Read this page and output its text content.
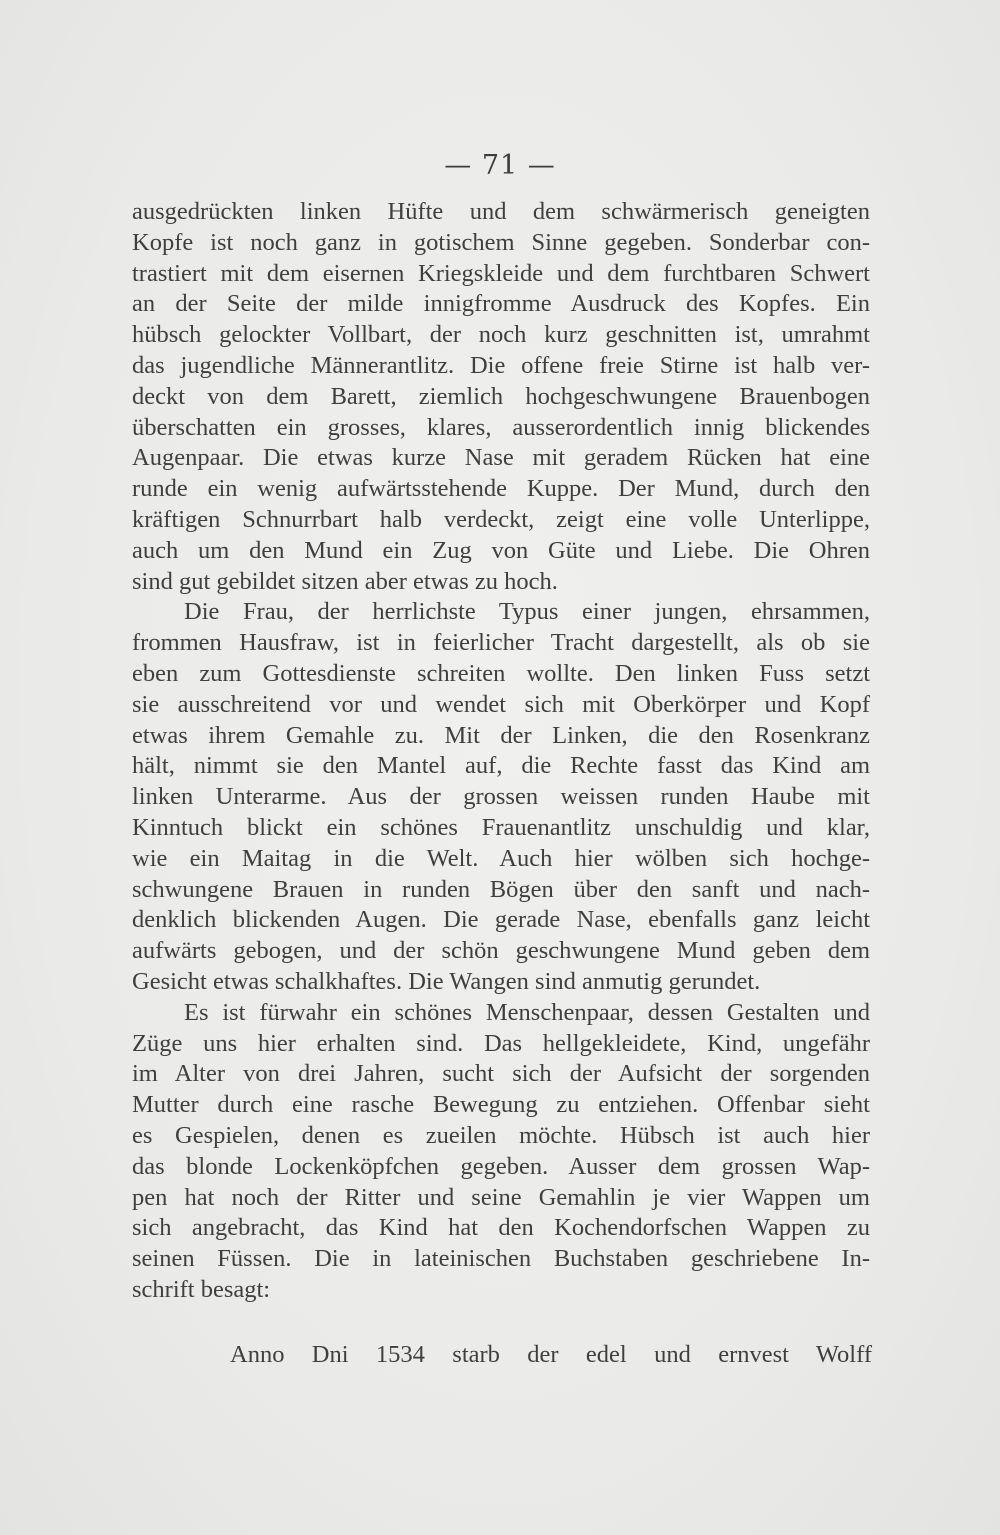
— 71 —
ausgedrückten linken Hüfte und dem schwärmerisch geneigten
Kopfe ist noch ganz in gotischem Sinne gegeben. Sonderbar con-
trastiert mit dem eisernen Kriegskleide und dem furchtbaren Schwert
an der Seite der milde innigfromme Ausdruck des Kopfes. Ein
hübsch gelockter Vollbart, der noch kurz geschnitten ist, umrahmt
das jugendliche Männerantlitz. Die offene freie Stirne ist halb ver-
deckt von dem Barett, ziemlich hochgeschwungene Brauenbogen
überschatten ein grosses, klares, ausserordentlich innig blickendes
Augenpaar. Die etwas kurze Nase mit geradem Rücken hat eine
runde ein wenig aufwärtsstehende Kuppe. Der Mund, durch den
kräftigen Schnurrbart halb verdeckt, zeigt eine volle Unterlippe,
auch um den Mund ein Zug von Güte und Liebe. Die Ohren
sind gut gebildet sitzen aber etwas zu hoch.
Die Frau, der herrlichste Typus einer jungen, ehrsammen,
frommen Hausfraw, ist in feierlicher Tracht dargestellt, als ob sie
eben zum Gottesdienste schreiten wollte. Den linken Fuss setzt
sie ausschreitend vor und wendet sich mit Oberkörper und Kopf
etwas ihrem Gemahle zu. Mit der Linken, die den Rosenkranz
hält, nimmt sie den Mantel auf, die Rechte fasst das Kind am
linken Unterarme. Aus der grossen weissen runden Haube mit
Kinntuch blickt ein schönes Frauenantlitz unschuldig und klar,
wie ein Maitag in die Welt. Auch hier wölben sich hochge-
schwungene Brauen in runden Bögen über den sanft und nach-
denklich blickenden Augen. Die gerade Nase, ebenfalls ganz leicht
aufwärts gebogen, und der schön geschwungene Mund geben dem
Gesicht etwas schalkhaftes. Die Wangen sind anmutig gerundet.
Es ist fürwahr ein schönes Menschenpaar, dessen Gestalten und
Züge uns hier erhalten sind. Das hellgekleidete, Kind, ungefähr
im Alter von drei Jahren, sucht sich der Aufsicht der sorgenden
Mutter durch eine rasche Bewegung zu entziehen. Offenbar sieht
es Gespielen, denen es zueilen möchte. Hübsch ist auch hier
das blonde Lockenköpfchen gegeben. Ausser dem grossen Wap-
pen hat noch der Ritter und seine Gemahlin je vier Wappen um
sich angebracht, das Kind hat den Kochendorfschen Wappen zu
seinen Füssen. Die in lateinischen Buchstaben geschriebene In-
schrift besagt:
Anno Dni 1534 starb der edel und ernvest Wolff
